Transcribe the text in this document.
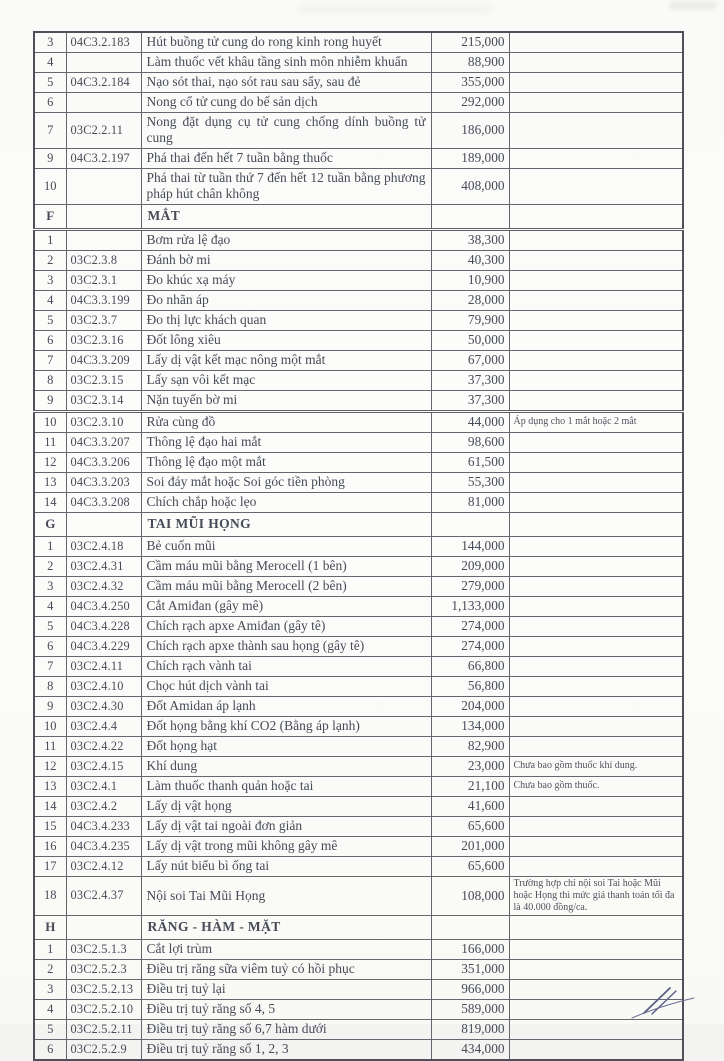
3	04C3.2.183	Hút buồng tử cung do rong kinh rong huyết	215,000	
4		Làm thuốc vết khâu tầng sinh môn nhiễm khuẩn	88,900	
5	04C3.2.184	Nạo sót thai, nạo sót rau sau sẩy, sau đẻ	355,000	
6		Nong cổ tử cung do bế sản dịch	292,000	
7	03C2.2.11	Nong đặt dụng cụ tử cung chống dính buồng tử cung	186,000	
9	04C3.2.197	Phá thai đến hết 7 tuần bằng thuốc	189,000	
10		Phá thai từ tuần thứ 7 đến hết 12 tuần bằng phương pháp hút chân không	408,000	
F		MẮT		
1		Bơm rửa lệ đạo	38,300	
2	03C2.3.8	Đánh bờ mi	40,300	
3	03C2.3.1	Đo khúc xạ máy	10,900	
4	04C3.3.199	Đo nhãn áp	28,000	
5	03C2.3.7	Đo thị lực khách quan	79,900	
6	03C2.3.16	Đốt lông xiêu	50,000	
7	04C3.3.209	Lấy dị vật kết mạc nông một mắt	67,000	
8	03C2.3.15	Lấy sạn vôi kết mạc	37,300	
9	03C2.3.14	Nặn tuyến bờ mi	37,300	
10	03C2.3.10	Rửa cùng đồ	44,000	Áp dụng cho 1 mắt hoặc 2 mắt
11	04C3.3.207	Thông lệ đạo hai mắt	98,600	
12	04C3.3.206	Thông lệ đạo một mắt	61,500	
13	04C3.3.203	Soi đáy mắt hoặc Soi góc tiền phòng	55,300	
14	04C3.3.208	Chích chắp hoặc lẹo	81,000	
G		TAI MŨI HỌNG		
1	03C2.4.18	Bẻ cuốn mũi	144,000	
2	03C2.4.31	Cầm máu mũi bằng Merocell (1 bên)	209,000	
3	03C2.4.32	Cầm máu mũi bằng Merocell (2 bên)	279,000	
4	04C3.4.250	Cắt Amiđan (gây mê)	1,133,000	
5	04C3.4.228	Chích rạch apxe Amiđan (gây tê)	274,000	
6	04C3.4.229	Chích rạch apxe thành sau họng (gây tê)	274,000	
7	03C2.4.11	Chích rạch vành tai	66,800	
8	03C2.4.10	Chọc hút dịch vành tai	56,800	
9	03C2.4.30	Đốt Amidan áp lạnh	204,000	
10	03C2.4.4	Đốt họng bằng khí CO2 (Bằng áp lạnh)	134,000	
11	03C2.4.22	Đốt họng hạt	82,900	
12	03C2.4.15	Khí dung	23,000	Chưa bao gồm thuốc khí dung.
13	03C2.4.1	Làm thuốc thanh quản hoặc tai	21,100	Chưa bao gồm thuốc.
14	03C2.4.2	Lấy dị vật họng	41,600	
15	04C3.4.233	Lấy dị vật tai ngoài đơn giản	65,600	
16	04C3.4.235	Lấy dị vật trong mũi không gây mê	201,000	
17	03C2.4.12	Lấy nút biểu bì ống tai	65,600	
18	03C2.4.37	Nội soi Tai Mũi Họng	108,000	Trường hợp chỉ nội soi Tai hoặc Mũi hoặc Họng thì mức giá thanh toán tối đa là 40.000 đồng/ca.
H		RĂNG - HÀM - MẶT		
1	03C2.5.1.3	Cắt lợi trùm	166,000	
2	03C2.5.2.3	Điều trị răng sữa viêm tuỷ có hồi phục	351,000	
3	03C2.5.2.13	Điều trị tuỷ lại	966,000	
4	03C2.5.2.10	Điều trị tuỷ răng số 4, 5	589,000	
5	03C2.5.2.11	Điều trị tuỷ răng số 6,7 hàm dưới	819,000	
6	03C2.5.2.9	Điều trị tuỷ răng số 1, 2, 3	434,000	
